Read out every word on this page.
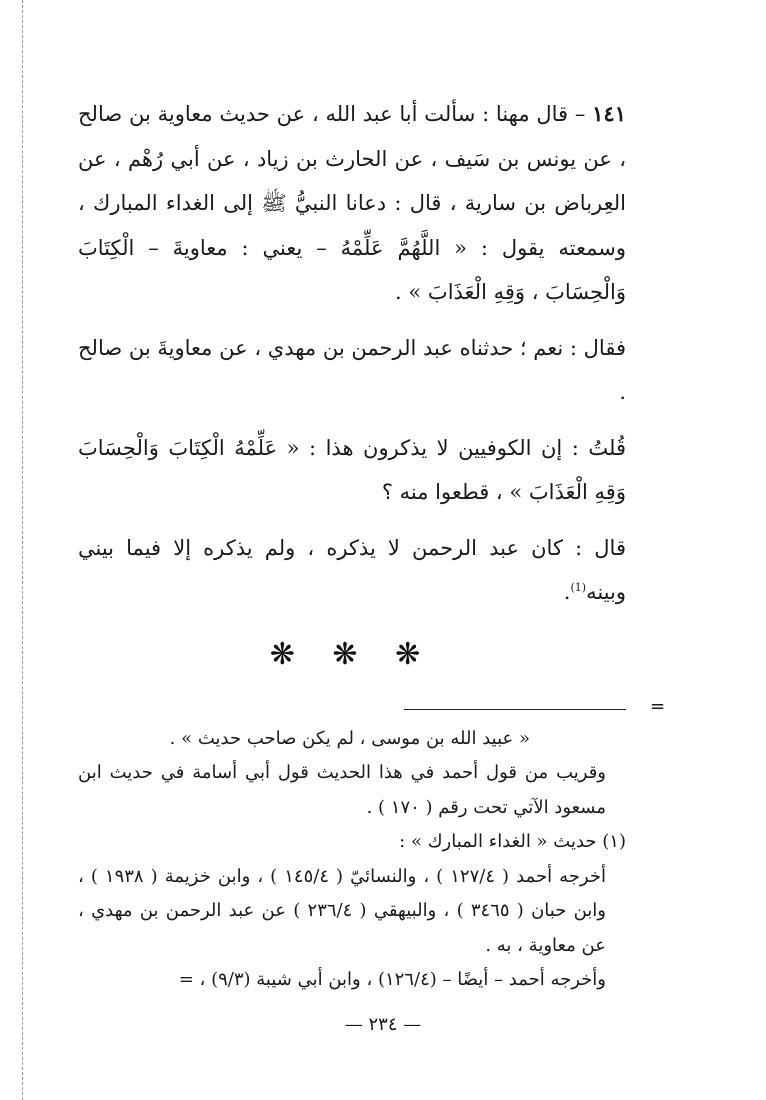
=

١٤١ – قال مهنا : سألت أبا عبد الله ، عن حديث معاوية بن صالح ، عن يونس بن سَيف ، عن الحارث بن زياد ، عن أبي رُهْم ، عن العِرباض بن سارية ، قال : دعانا النبيُّ ﷺ إلى الغداء المبارك ، وسمعته يقول : « اللَّهُمَّ عَلِّمْهُ – يعني : معاويةَ – الْكِتَابَ وَالْحِسَابَ ، وَقِهِ الْعَذَابَ » .

فقال : نعم ؛ حدثناه عبد الرحمن بن مهدي ، عن معاويةَ بن صالح .

قُلتُ : إن الكوفيين لا يذكرون هذا : « عَلِّمْهُ الْكِتَابَ وَالْحِسَابَ وَقِهِ الْعَذَابَ » ، قطعوا منه ؟

قال : كان عبد الرحمن لا يذكره ، ولم يذكره إلا فيما بيني وبينه$^{(1)}$.

❋ ❋ ❋

« عبيد الله بن موسى ، لم يكن صاحب حديث » .

وقريب من قول أحمد في هذا الحديث قول أبي أسامة في حديث ابن مسعود الآتي تحت رقم ( ١٧٠ ) .

(١) حديث « الغداء المبارك » :

أخرجه أحمد ( ١٢٧/٤ ) ، والنسائيّ ( ١٤٥/٤ ) ، وابن خزيمة ( ١٩٣٨ ) ، وابن حبان ( ٣٤٦٥ ) ، والبيهقي ( ٢٣٦/٤ ) عن عبد الرحمن بن مهدي ، عن معاوية ، به .

وأخرجه أحمد – أيضًا – (١٢٦/٤) ، وابن أبي شيبة (٩/٣) ، =

— ٢٣٤ —
